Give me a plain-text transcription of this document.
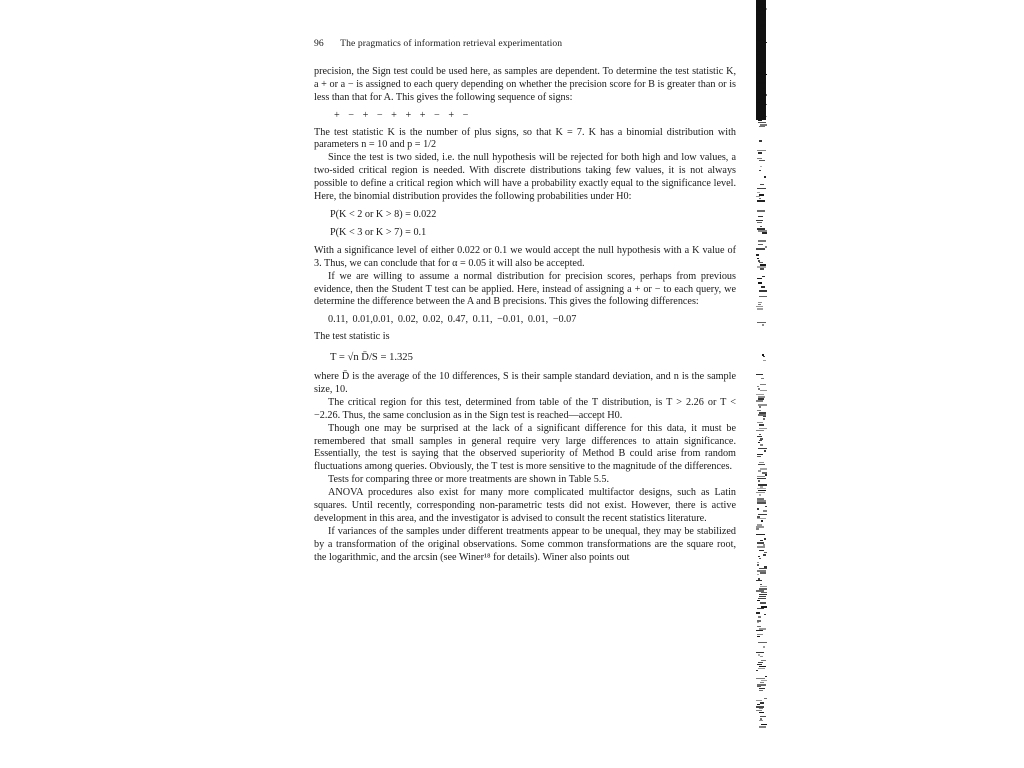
96 The pragmatics of information retrieval experimentation

precision, the Sign test could be used here, as samples are dependent. To determine the test statistic K, a + or a − is assigned to each query depending on whether the precision score for B is greater than or is less than that for A. This gives the following sequence of signs:

+ − + − + + + − + −

The test statistic K is the number of plus signs, so that K = 7. K has a binomial distribution with parameters n = 10 and p = 1/2

Since the test is two sided, i.e. the null hypothesis will be rejected for both high and low values, a two-sided critical region is needed. With discrete distributions taking few values, it is not always possible to define a critical region which will have a probability exactly equal to the significance level. Here, the binomial distribution provides the following probabilities under H0:

P(K < 2 or K > 8) = 0.022
P(K < 3 or K > 7) = 0.1

With a significance level of either 0.022 or 0.1 we would accept the null hypothesis with a K value of 3. Thus, we can conclude that for α = 0.05 it will also be accepted.

If we are willing to assume a normal distribution for precision scores, perhaps from previous evidence, then the Student T test can be applied. Here, instead of assigning a + or − to each query, we determine the difference between the A and B precisions. This gives the following differences:

0.11, 0.01,0.01, 0.02, 0.02, 0.47, 0.11, −0.01, 0.01, −0.07

The test statistic is

T = √n D̄/S = 1.325

where D̄ is the average of the 10 differences, S is their sample standard deviation, and n is the sample size, 10.

The critical region for this test, determined from table of the T distribution, is T > 2.26 or T < −2.26. Thus, the same conclusion as in the Sign test is reached—accept H0.

Though one may be surprised at the lack of a significant difference for this data, it must be remembered that small samples in general require very large differences to attain significance. Essentially, the test is saying that the observed superiority of Method B could arise from random fluctuations among queries. Obviously, the T test is more sensitive to the magnitude of the differences.

Tests for comparing three or more treatments are shown in Table 5.5.

ANOVA procedures also exist for many more complicated multifactor designs, such as Latin squares. Until recently, corresponding non-parametric tests did not exist. However, there is active development in this area, and the investigator is advised to consult the recent statistics literature.

If variances of the samples under different treatments appear to be unequal, they may be stabilized by a transformation of the original observations. Some common transformations are the square root, the logarithmic, and the arcsin (see Winer¹⁸ for details). Winer also points out
